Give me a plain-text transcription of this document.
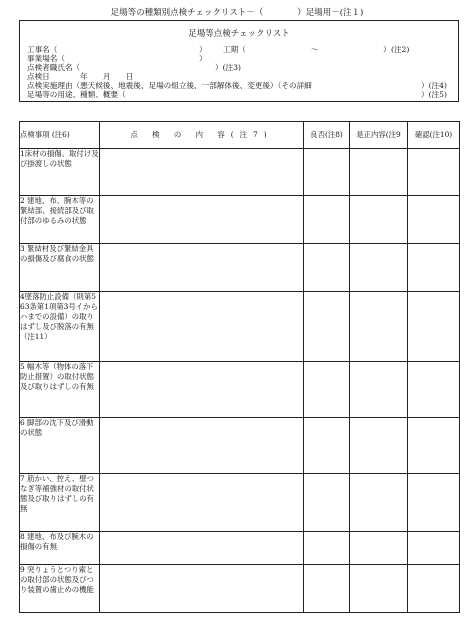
足場等の種類別点検チェックリスト－（　　　　）足場用－(注１)
足場等点検チェックリスト
工事名（	） 工期（	～	） (注2)
事業場名（	）
点検者職氏名（	）(注3)
点検日　　　　年　　月　　日
点検実施理由（悪天候後、地震後、足場の組立後、一部解体後、変更後）（その詳細	）(注4)
足場等の用途、種類、概要（	）(注5)
点検事項 (注6)	点 検 の 内 容(注7)	良否(注8)	是正内容(注9	確認(注10)

1床材の損傷、取付け及び掛渡しの状態				

2 建地、布、腕木等の緊結部、接続部及び取付部のゆるみの状態				

3 緊結材及び緊結金具の損傷及び腐食の状態				

4墜落防止設備（則第563条第1項第3号イからハまでの設備）の取りはずし及び脱落の有無（注11）				

5 幅木等（物体の落下防止措置）の取付状態及び取りはずしの有無				

6 脚部の沈下及び滑動の状態				

7 筋かい、控え、壁つなぎ等補強材の取付状態及び取りはずしの有無				

8 建地、布及び腕木の損傷の有無				

9 突りょうとつり索との取付部の状態及びつり装置の歯止めの機能				
